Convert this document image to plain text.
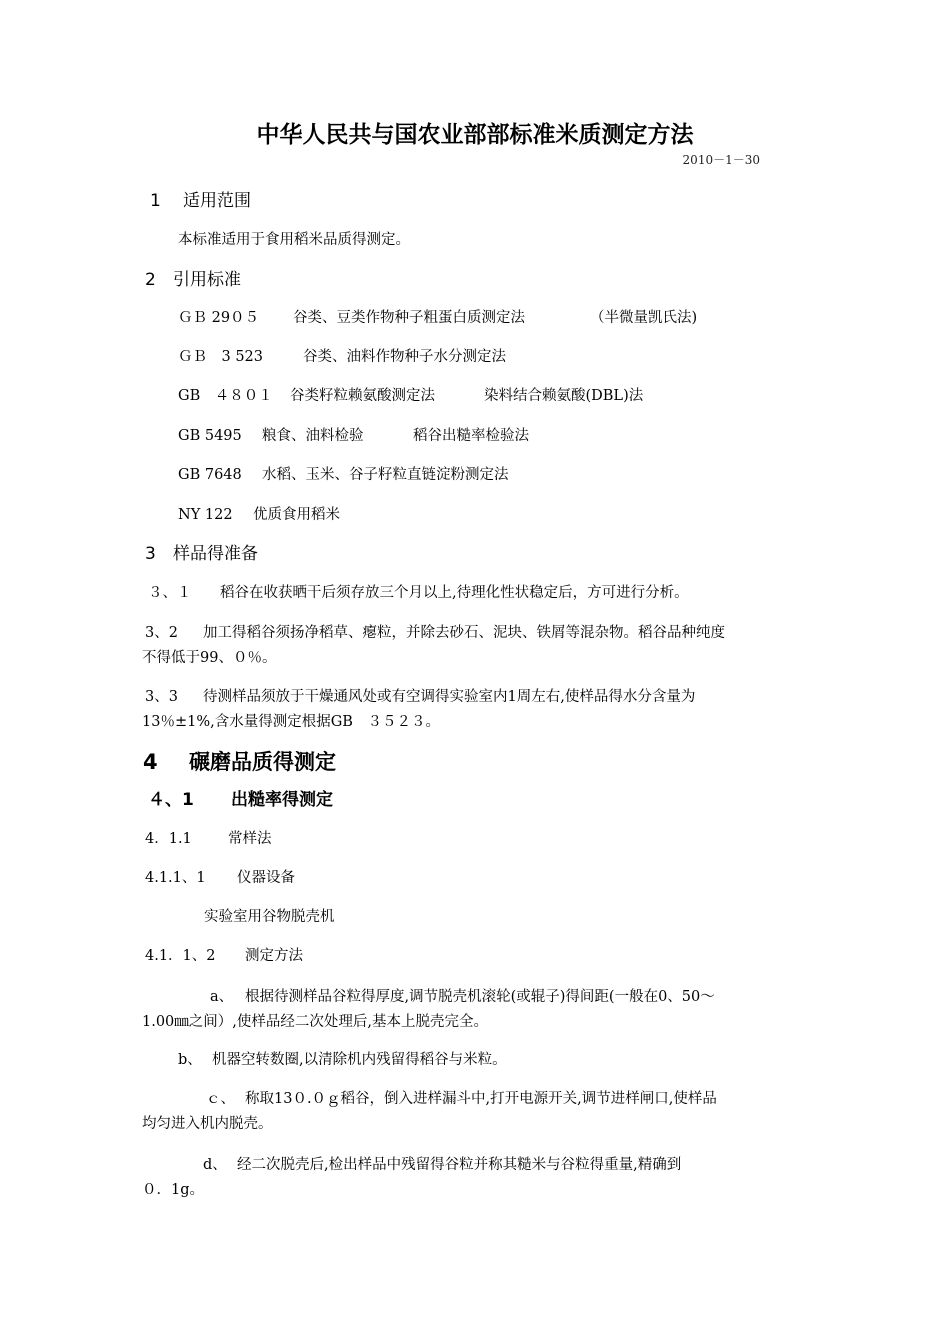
中华人民共与国农业部部标准米质测定方法
2010－1－30
1 适用范围
本标准适用于食用稻米品质得测定。
2 引用标准
ＧＢ 29０５ 谷类、豆类作物种子粗蛋白质测定法	（半微量凯氏法)
ＧＢ　3 523	谷类、油料作物种子水分测定法
GB　４８０１ 谷类籽粒赖氨酸测定法	染料结合赖氨酸(DBL)法
GB 5495 粮食、油料检验	稻谷出糙率检验法
GB 7648 水稻、玉米、谷子籽粒直链淀粉测定法
NY 122 优质食用稻米
3 样品得准备
３、１ 稻谷在收获晒干后须存放三个月以上,待理化性状稳定后，方可进行分析。
3、2 加工得稻谷须扬净稻草、瘪粒，并除去砂石、泥块、铁屑等混杂物。稻谷品种纯度
不得低于99、０％。
3、3 待测样品须放于干燥通风处或有空调得实验室内1周左右,使样品得水分含量为
13％±1%,含水量得测定根据GB　３５２３。
4 碾磨品质得测定
４、1 出糙率得测定
4．1.1 常样法
4.1.1、1 仪器设备
实验室用谷物脱壳机
4.1．1、2 测定方法
a、 根据待测样品谷粒得厚度,调节脱壳机滚轮(或辊子)得间距(一般在0、50～
1.00㎜之间）,使样品经二次处理后,基本上脱壳完全。
b、 机器空转数圈,以清除机内残留得稻谷与米粒。
ｃ、 称取13０.０ｇ稻谷，倒入进样漏斗中,打开电源开关,调节进样闸口,使样品
均匀进入机内脱壳。
d、 经二次脱壳后,检出样品中残留得谷粒并称其糙米与谷粒得重量,精确到
０．1g。
